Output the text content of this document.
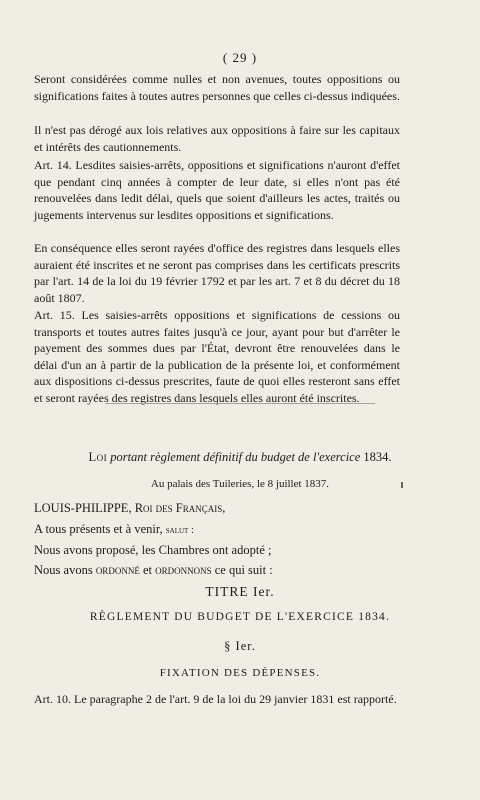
( 29 )
Seront considérées comme nulles et non avenues, toutes oppositions ou significations faites à toutes autres personnes que celles ci-dessus indiquées.
Il n'est pas dérogé aux lois relatives aux oppositions à faire sur les capitaux et intérêts des cautionnements.
Art. 14. Lesdites saisies-arrêts, oppositions et significations n'auront d'effet que pendant cinq années à compter de leur date, si elles n'ont pas été renouvelées dans ledit délai, quels que soient d'ailleurs les actes, traités ou jugements intervenus sur lesdites oppositions et significations.
En conséquence elles seront rayées d'office des registres dans lesquels elles auraient été inscrites et ne seront pas comprises dans les certificats prescrits par l'art. 14 de la loi du 19 février 1792 et par les art. 7 et 8 du décret du 18 août 1807.
Art. 15. Les saisies-arrêts oppositions et significations de cessions ou transports et toutes autres faites jusqu'à ce jour, ayant pour but d'arrêter le payement des sommes dues par l'État, devront être renouvelées dans le délai d'un an à partir de la publication de la présente loi, et conformément aux dispositions ci-dessus prescrites, faute de quoi elles resteront sans effet et seront rayées des registres dans lesquels elles auront été inscrites.
Loi portant règlement définitif du budget de l'exercice 1834.
Au palais des Tuileries, le 8 juillet 1837.
LOUIS-PHILIPPE, Roi des Français,
A tous présents et à venir, salut :
Nous avons proposé, les Chambres ont adopté ;
Nous avons ordonné et ordonnons ce qui suit :
TITRE Ier.
RÈGLEMENT DU BUDGET DE L'EXERCICE 1834.
§ Ier.
FIXATION DES DÉPENSES.
Art. 10. Le paragraphe 2 de l'art. 9 de la loi du 29 janvier 1831 est rapporté.
